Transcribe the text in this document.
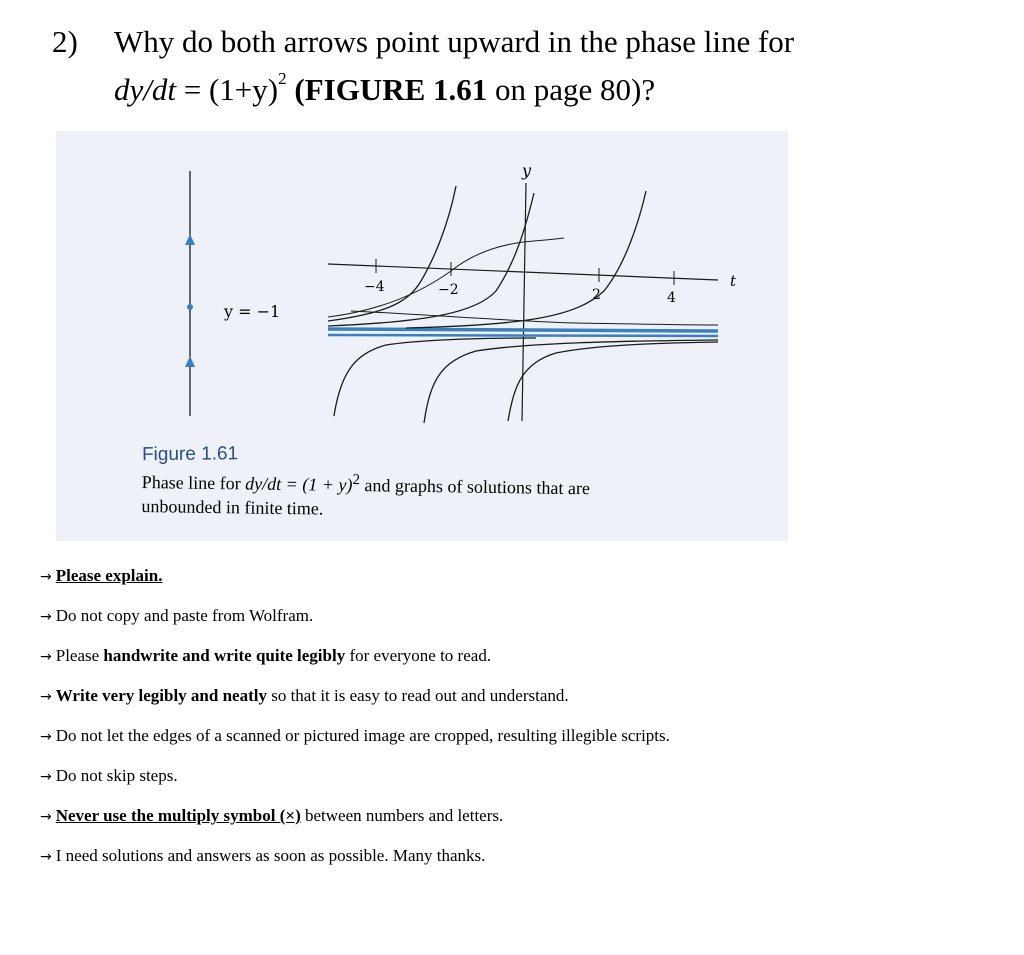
2) Why do both arrows point upward in the phase line for
$dy/dt = (1+y)^2$ (FIGURE 1.61 on page 80)?
y = −1
t
y
−4	−2	2	4
Figure 1.61
Phase line for $dy/dt = (1 + y)^2$ and graphs of solutions that are
unbounded in finite time.
→ Please explain.
→ Do not copy and paste from Wolfram.
→ Please handwrite and write quite legibly for everyone to read.
→ Write very legibly and neatly so that it is easy to read out and understand.
→ Do not let the edges of a scanned or pictured image are cropped, resulting illegible scripts.
→ Do not skip steps.
→ Never use the multiply symbol (×) between numbers and letters.
→ I need solutions and answers as soon as possible. Many thanks.
